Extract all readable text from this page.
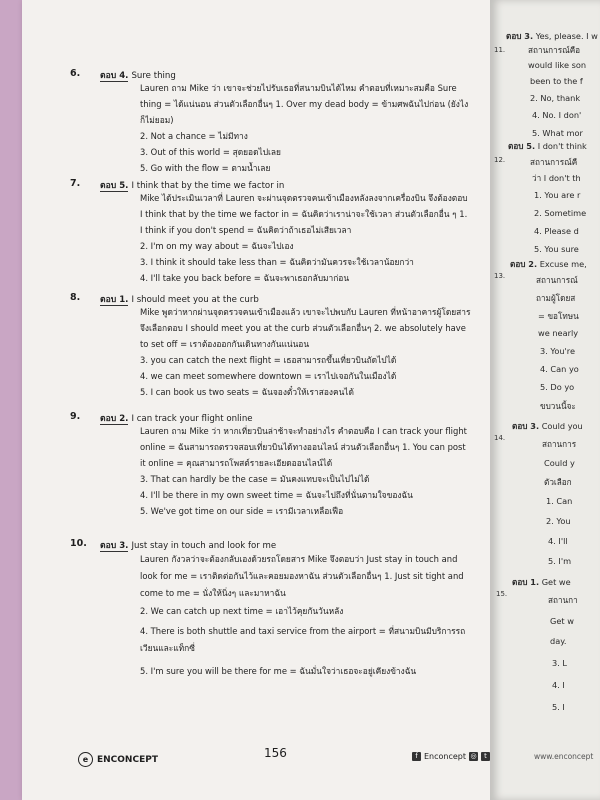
6. ตอบ 4. Sure thing
Lauren ถาม Mike ว่า เขาจะช่วยไปรับเธอที่สนามบินได้ไหม คำตอบที่เหมาะสมคือ Sure
thing = ได้แน่นอน ส่วนตัวเลือกอื่นๆ 1. Over my dead body = ข้ามศพฉันไปก่อน (ยังไง
ก็ไม่ยอม)
2. Not a chance = ไม่มีทาง
3. Out of this world = สุดยอดไปเลย
5. Go with the flow = ตามน้ำเลย
7. ตอบ 5. I think that by the time we factor in
Mike ได้ประเมินเวลาที่ Lauren จะผ่านจุดตรวจคนเข้าเมืองหลังลงจากเครื่องบิน จึงต้องตอบ
I think that by the time we factor in = ฉันคิดว่าเราน่าจะใช้เวลา ส่วนตัวเลือกอื่น ๆ 1.
I think if you don't spend = ฉันคิดว่าถ้าเธอไม่เสียเวลา
2. I'm on my way about = ฉันจะไปเอง
3. I think it should take less than = ฉันคิดว่ามันควรจะใช้เวลาน้อยกว่า
4. I'll take you back before = ฉันจะพาเธอกลับมาก่อน
8. ตอบ 1. I should meet you at the curb
Mike พูดว่าหากผ่านจุดตรวจคนเข้าเมืองแล้ว เขาจะไปพบกับ Lauren ที่หน้าอาคารผู้โดยสาร
จึงเลือกตอบ I should meet you at the curb ส่วนตัวเลือกอื่นๆ 2. we absolutely have
to set off = เราต้องออกกันเดินทางกันแน่นอน
3. you can catch the next flight = เธอสามารถขึ้นเที่ยวบินถัดไปได้
4. we can meet somewhere downtown = เราไปเจอกันในเมืองได้
5. I can book us two seats = ฉันจองตั๋วให้เราสองคนได้
9. ตอบ 2. I can track your flight online
Lauren ถาม Mike ว่า หากเที่ยวบินล่าช้าจะทำอย่างไร คำตอบคือ I can track your flight
online = ฉันสามารถตรวจสอบเที่ยวบินได้ทางออนไลน์ ส่วนตัวเลือกอื่นๆ 1. You can post
it online = คุณสามารถโพสต์รายละเอียดออนไลน์ได้
3. That can hardly be the case = มันคงแทบจะเป็นไปไม่ได้
4. I'll be there in my own sweet time = ฉันจะไปถึงที่นั่นตามใจของฉัน
5. We've got time on our side = เรามีเวลาเหลือเฟือ
10. ตอบ 3. Just stay in touch and look for me
Lauren กังวลว่าจะต้องกลับเองด้วยรถโดยสาร Mike จึงตอบว่า Just stay in touch and
look for me = เราติดต่อกันไว้และคอยมองหาฉัน ส่วนตัวเลือกอื่นๆ 1. Just sit tight and
come to me = นั่งให้นิ่งๆ และมาหาฉัน
2. We can catch up next time = เอาไว้คุยกันวันหลัง
4. There is both shuttle and taxi service from the airport = ที่สนามบินมีบริการรถ
เวียนและแท็กซี่
5. I'm sure you will be there for me = ฉันมั่นใจว่าเธอจะอยู่เคียงข้างฉัน
e ENCONCEPT	156	f Enconcept ◎	t
11.
ตอบ 3. Yes, please. I w
สถานการณ์คือ
would like son
been to the f
2. No, thank
4. No. I don'
5. What mor
12.
ตอบ 5. I don't think
สถานการณ์คื
ว่า I don't th
1. You are r
2. Sometime
4. Please d
5. You sure
13.
ตอบ 2. Excuse me,
สถานการณ์
ถามผู้โดยส
= ขอโทษน
we nearly
3. You're
4. Can yo
5. Do yo
ขบวนนี้จะ
14.
ตอบ 3. Could you
สถานการ
Could y
ตัวเลือก
1. Can
2. You
4. I'll
5. I'm
15.
ตอบ 1. Get we
สถานกา
Get w
day.
3. L
4. I
5. I
www.enconcept
